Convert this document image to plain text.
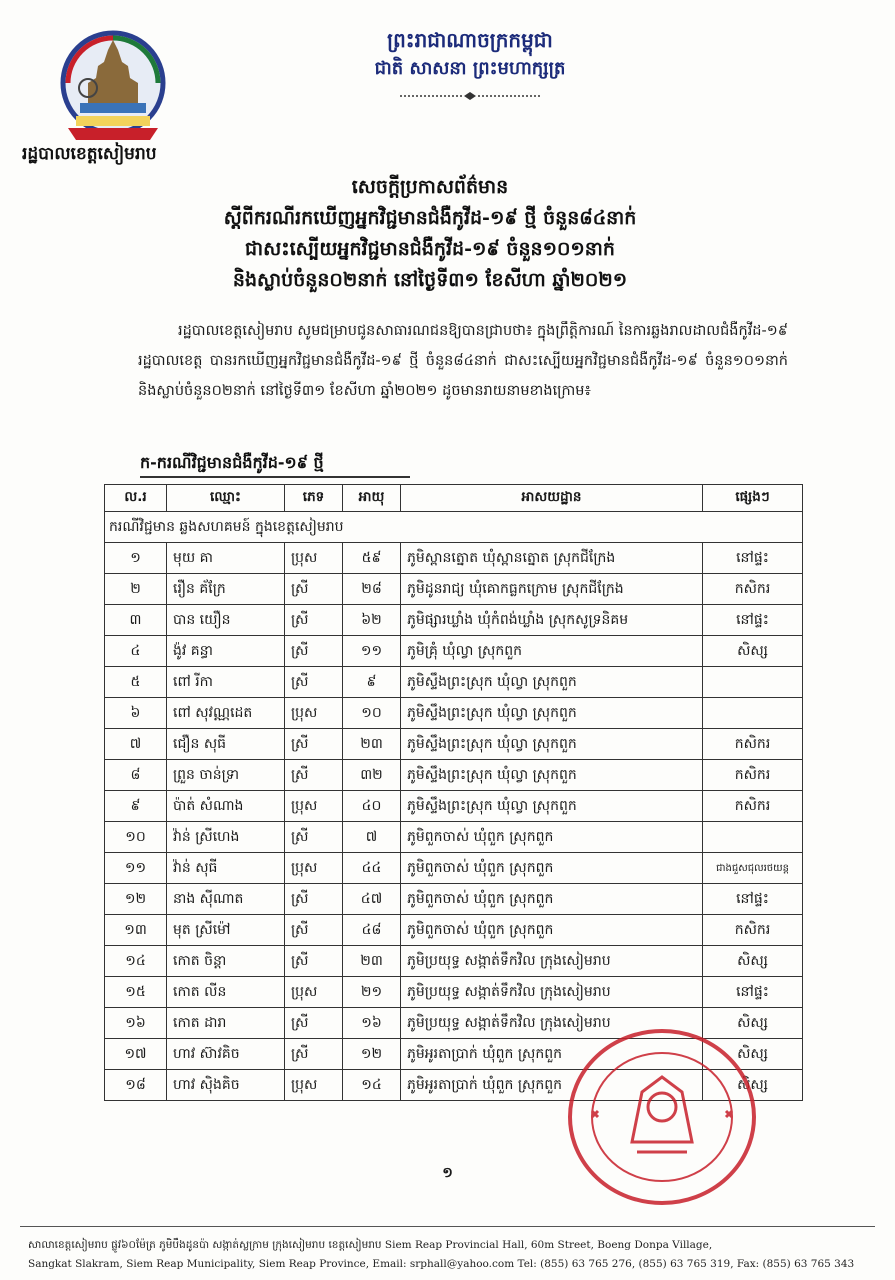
រដ្ឋបាលខេត្តសៀមរាប
ព្រះរាជាណាចក្រកម្ពុជា
ជាតិ សាសនា ព្រះមហាក្សត្រ
សេចក្តីប្រកាសព័ត៌មាន
ស្តីពីករណីរកឃើញអ្នកវិជ្ជមានជំងឺកូវីដ-១៩ ថ្មី ចំនួន៨៤នាក់
ជាសះស្បើយអ្នកវិជ្ជមានជំងឺកូវីដ-១៩ ចំនួន១០១នាក់
និងស្លាប់ចំនួន០២នាក់ នៅថ្ងៃទី៣១ ខែសីហា ឆ្នាំ២០២១

រដ្ឋបាលខេត្តសៀមរាប សូមជម្រាបជូនសាធារណជនឱ្យបានជ្រាបថា៖ ក្នុងព្រឹត្តិការណ៍ នៃការឆ្លងរាលដាលជំងឺកូវីដ-១៩ រដ្ឋបាលខេត្ត បានរកឃើញអ្នកវិជ្ជមានជំងឺកូវីដ-១៩ ថ្មី ចំនួន៨៤នាក់ ជាសះស្បើយអ្នកវិជ្ជមានជំងឺកូវីដ-១៩ ចំនួន១០១នាក់ និងស្លាប់ចំនួន០២នាក់ នៅថ្ងៃទី៣១ ខែសីហា ឆ្នាំ២០២១ ដូចមានរាយនាមខាងក្រោម៖

ក-ករណីវិជ្ជមានជំងឺកូវីដ-១៩ ថ្មី
ល.រ	ឈ្មោះ	ភេទ	អាយុ	អាសយដ្ឋាន	ផ្សេងៗ
ករណីវិជ្ជមាន ឆ្លងសហគមន៍ ក្នុងខេត្តសៀមរាប					
១	មុយ គា	ប្រុស	៥៩	ភូមិស្ពានត្នោត ឃុំស្ពានត្នោត ស្រុកជីក្រែង	នៅផ្ទះ
២	រឿន គ័ក្រែ	ស្រី	២៨	ភូមិដូនរាជ្យ ឃុំគោកធ្លកក្រោម ស្រុកជីក្រែង	កសិករ
៣	បាន យឿន	ស្រី	៦២	ភូមិផ្សារឃ្លាំង ឃុំកំពង់ឃ្លាំង ស្រុកសូទ្រនិគម	នៅផ្ទះ
៤	ង៉ូវ គន្ធា	ស្រី	១១	ភូមិគ្រុំ ឃុំល្វា ស្រុកពួក	សិស្ស
៥	ពៅ រីកា	ស្រី	៩	ភូមិស្ទឹងព្រះស្រុក ឃុំល្វា ស្រុកពួក	
៦	ពៅ សុវណ្ណដេត	ប្រុស	១០	ភូមិស្ទឹងព្រះស្រុក ឃុំល្វា ស្រុកពួក	
៧	ជឿន សុធី	ស្រី	២៣	ភូមិស្ទឹងព្រះស្រុក ឃុំល្វា ស្រុកពួក	កសិករ
៨	ព្រួន ចាន់ទ្រា	ស្រី	៣២	ភូមិស្ទឹងព្រះស្រុក ឃុំល្វា ស្រុកពួក	កសិករ
៩	ប៉ាត់ សំណាង	ប្រុស	៤០	ភូមិស្ទឹងព្រះស្រុក ឃុំល្វា ស្រុកពួក	កសិករ
១០	វ៉ាន់ ស្រីហេង	ស្រី	៧	ភូមិពួកចាស់ ឃុំពួក ស្រុកពួក	
១១	វ៉ាន់ សុធី	ប្រុស	៤៤	ភូមិពួកចាស់ ឃុំពួក ស្រុកពួក	ជាងជួសជុលរថយន្ត
១២	នាង ស៊ីណាត	ស្រី	៤៧	ភូមិពួកចាស់ ឃុំពួក ស្រុកពួក	នៅផ្ទះ
១៣	មុត ស្រីម៉ៅ	ស្រី	៤៨	ភូមិពួកចាស់ ឃុំពួក ស្រុកពួក	កសិករ
១៤	កោត ចិន្តា	ស្រី	២៣	ភូមិប្រយុទ្ធ សង្កាត់ទឹកវិល ក្រុងសៀមរាប	សិស្ស
១៥	កោត លីន	ប្រុស	២១	ភូមិប្រយុទ្ធ សង្កាត់ទឹកវិល ក្រុងសៀមរាប	នៅផ្ទះ
១៦	កោត ដារា	ស្រី	១៦	ភូមិប្រយុទ្ធ សង្កាត់ទឹកវិល ក្រុងសៀមរាប	សិស្ស
១៧	ហាវ ស៊ាវគិច	ស្រី	១២	ភូមិអូរតាប្រាក់ ឃុំពួក ស្រុកពួក	សិស្ស
១៨	ហាវ ស៊ិងគិច	ប្រុស	១៤	ភូមិអូរតាប្រាក់ ឃុំពួក ស្រុកពួក	សិស្ស
១
សាលាខេត្តសៀមរាប ផ្លូវ៦០ម៉ែត្រ ភូមិបឹងដូនប៉ា សង្កាត់ស្លក្រាម ក្រុងសៀមរាប ខេត្តសៀមរាប Siem Reap Provincial Hall, 60m Street, Boeng Donpa Village,
Sangkat Slakram, Siem Reap Municipality, Siem Reap Province, Email: srphall@yahoo.com Tel: (855) 63 765 276, (855) 63 765 319, Fax: (855) 63 765 343
